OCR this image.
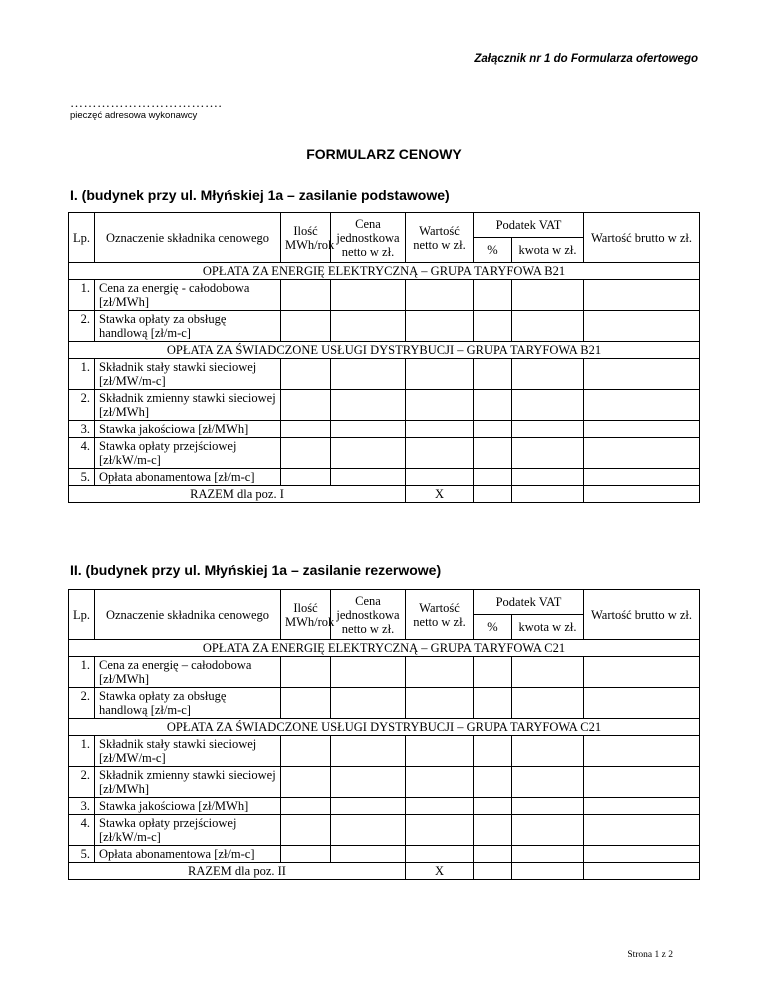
Załącznik nr 1 do Formularza ofertowego
…………………………….
pieczęć adresowa wykonawcy
FORMULARZ CENOWY
I. (budynek przy ul. Młyńskiej 1a – zasilanie podstawowe)
Lp.	Oznaczenie składnika cenowego	Ilość MWh/rok	Cena jednostkowa netto w zł.	Wartość netto w zł.	Podatek VAT		Wartość brutto w zł.
					%	kwota w zł.	
OPŁATA ZA ENERGIĘ ELEKTRYCZNĄ – GRUPA TARYFOWA B21							
1.	Cena za energię - całodobowa [zł/MWh]						
2.	Stawka opłaty za obsługę handlową [zł/m-c]						
OPŁATA ZA ŚWIADCZONE USŁUGI DYSTRYBUCJI – GRUPA TARYFOWA B21							
1.	Składnik stały stawki sieciowej [zł/MW/m-c]						
2.	Składnik zmienny stawki sieciowej [zł/MWh]						
3.	Stawka jakościowa [zł/MWh]						
4.	Stawka opłaty przejściowej [zł/kW/m-c]						
5.	Opłata abonamentowa [zł/m-c]						
RAZEM dla poz. I				X			
II. (budynek przy ul. Młyńskiej 1a – zasilanie rezerwowe)
Lp.	Oznaczenie składnika cenowego	Ilość MWh/rok	Cena jednostkowa netto w zł.	Wartość netto w zł.	Podatek VAT		Wartość brutto w zł.
					%	kwota w zł.	
OPŁATA ZA ENERGIĘ ELEKTRYCZNĄ – GRUPA TARYFOWA C21							
1.	Cena za energię – całodobowa [zł/MWh]						
2.	Stawka opłaty za obsługę handlową [zł/m-c]						
OPŁATA ZA ŚWIADCZONE USŁUGI DYSTRYBUCJI – GRUPA TARYFOWA C21							
1.	Składnik stały stawki sieciowej [zł/MW/m-c]						
2.	Składnik zmienny stawki sieciowej [zł/MWh]						
3.	Stawka jakościowa [zł/MWh]						
4.	Stawka opłaty przejściowej [zł/kW/m-c]						
5.	Opłata abonamentowa [zł/m-c]						
RAZEM dla poz. II				X			
Strona 1 z 2
